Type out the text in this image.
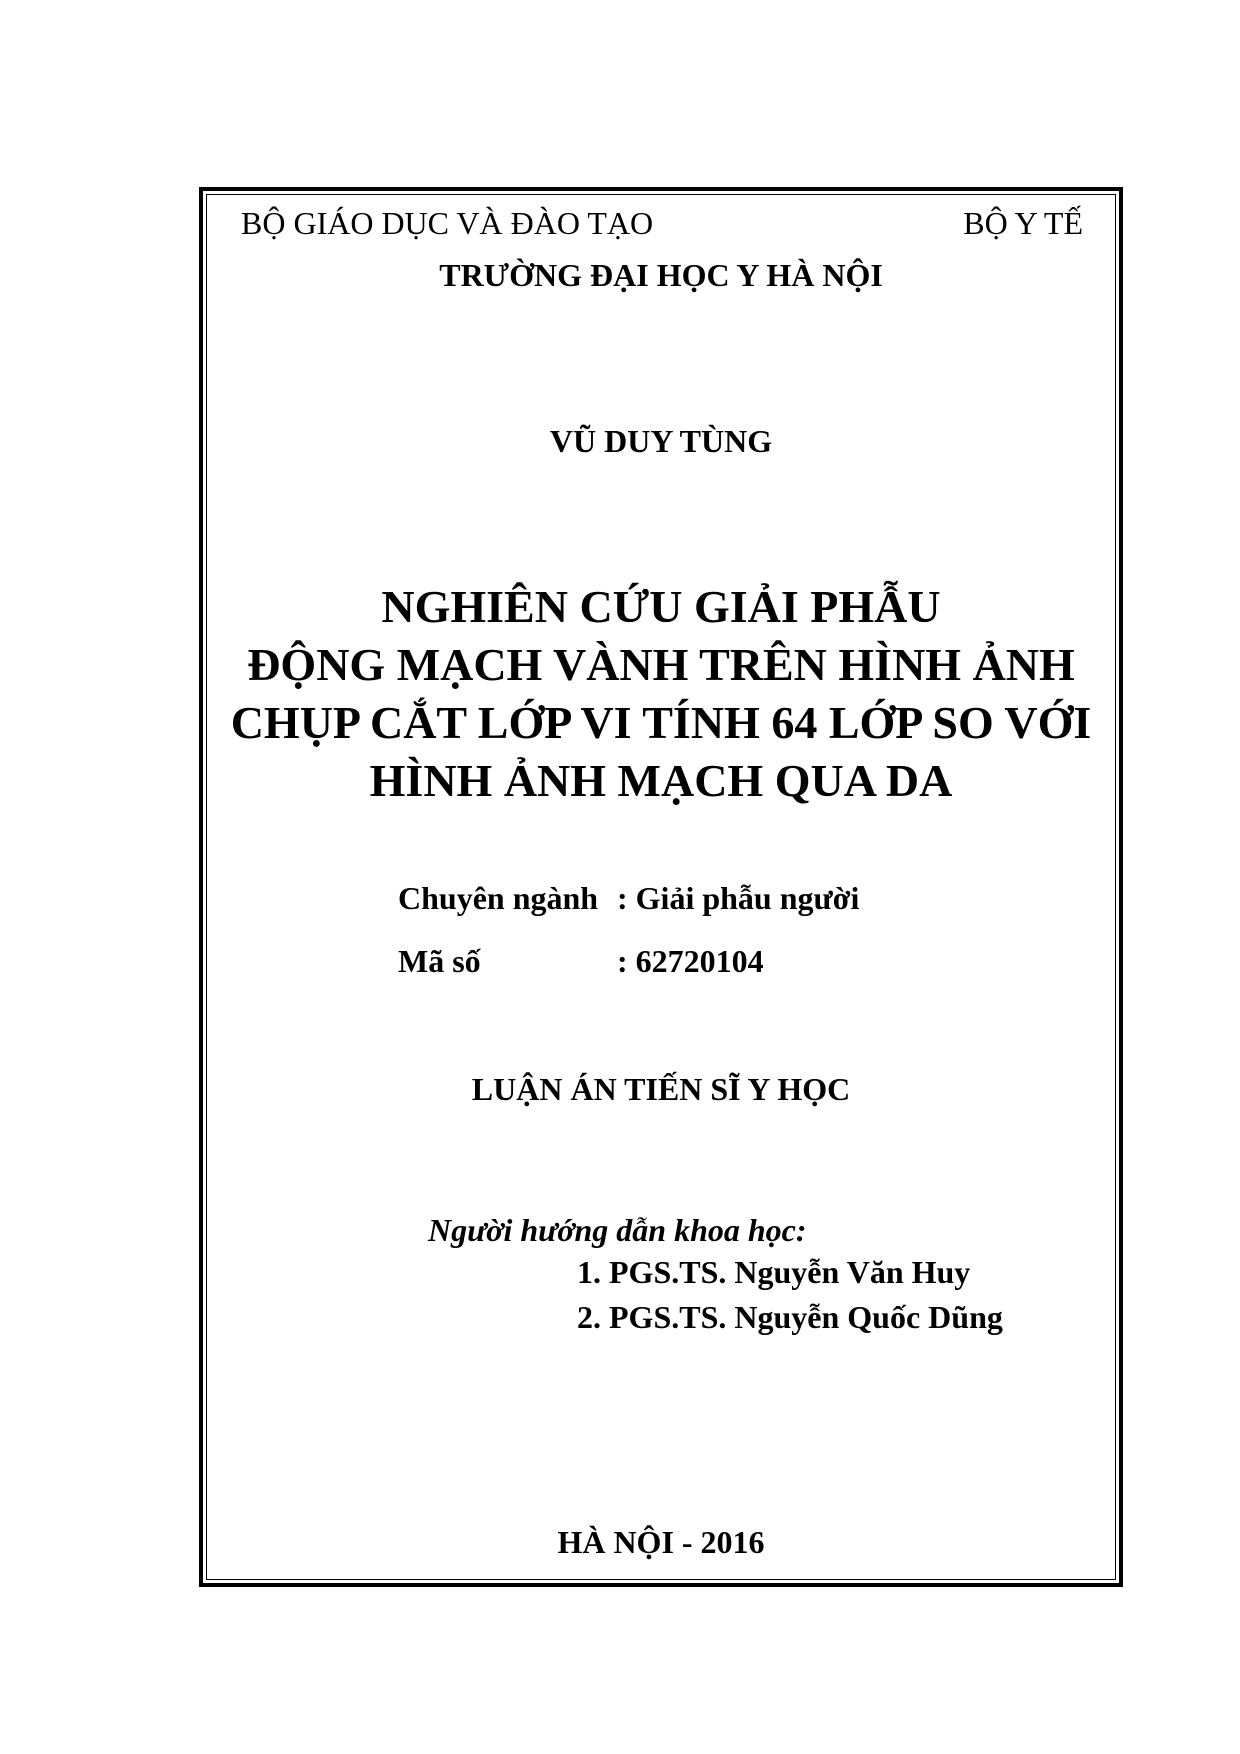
BỘ GIÁO DỤC VÀ ĐÀO TẠO	BỘ Y TẾ
TRƯỜNG ĐẠI HỌC Y HÀ NỘI
VŨ DUY TÙNG
NGHIÊN CỨU GIẢI PHẪU
ĐỘNG MẠCH VÀNH TRÊN HÌNH ẢNH
CHỤP CẮT LỚP VI TÍNH 64 LỚP SO VỚI
HÌNH ẢNH MẠCH QUA DA
Chuyên ngành : Giải phẫu người
Mã số	: 62720104
LUẬN ÁN TIẾN SĨ Y HỌC
Người hướng dẫn khoa học:
1. PGS.TS. Nguyễn Văn Huy
2. PGS.TS. Nguyễn Quốc Dũng
HÀ NỘI - 2016
